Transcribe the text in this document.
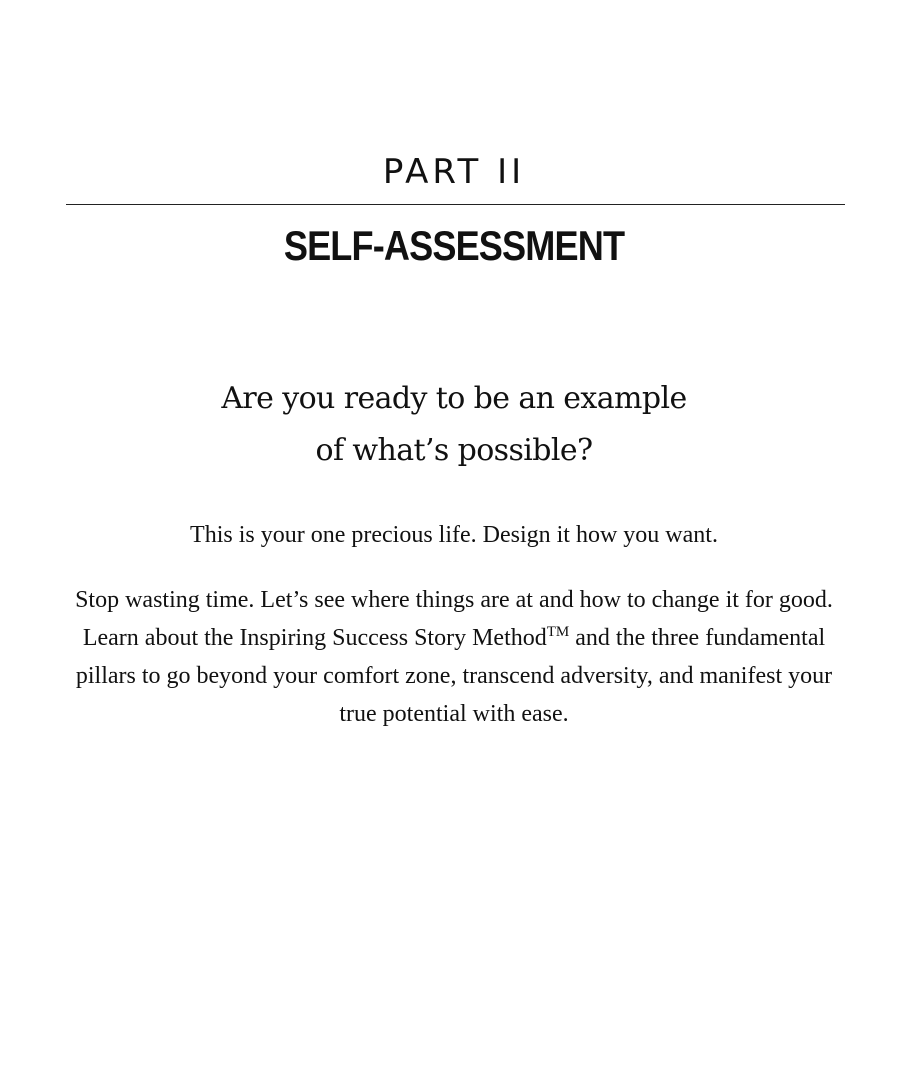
PART II
SELF-ASSESSMENT
Are you ready to be an example
of what’s possible?
This is your one precious life. Design it how you want.
Stop wasting time. Let’s see where things are at and how to change it for good. Learn about the Inspiring Success Story Method™ and the three fundamental pillars to go beyond your comfort zone, transcend adversity, and manifest your true potential with ease.
